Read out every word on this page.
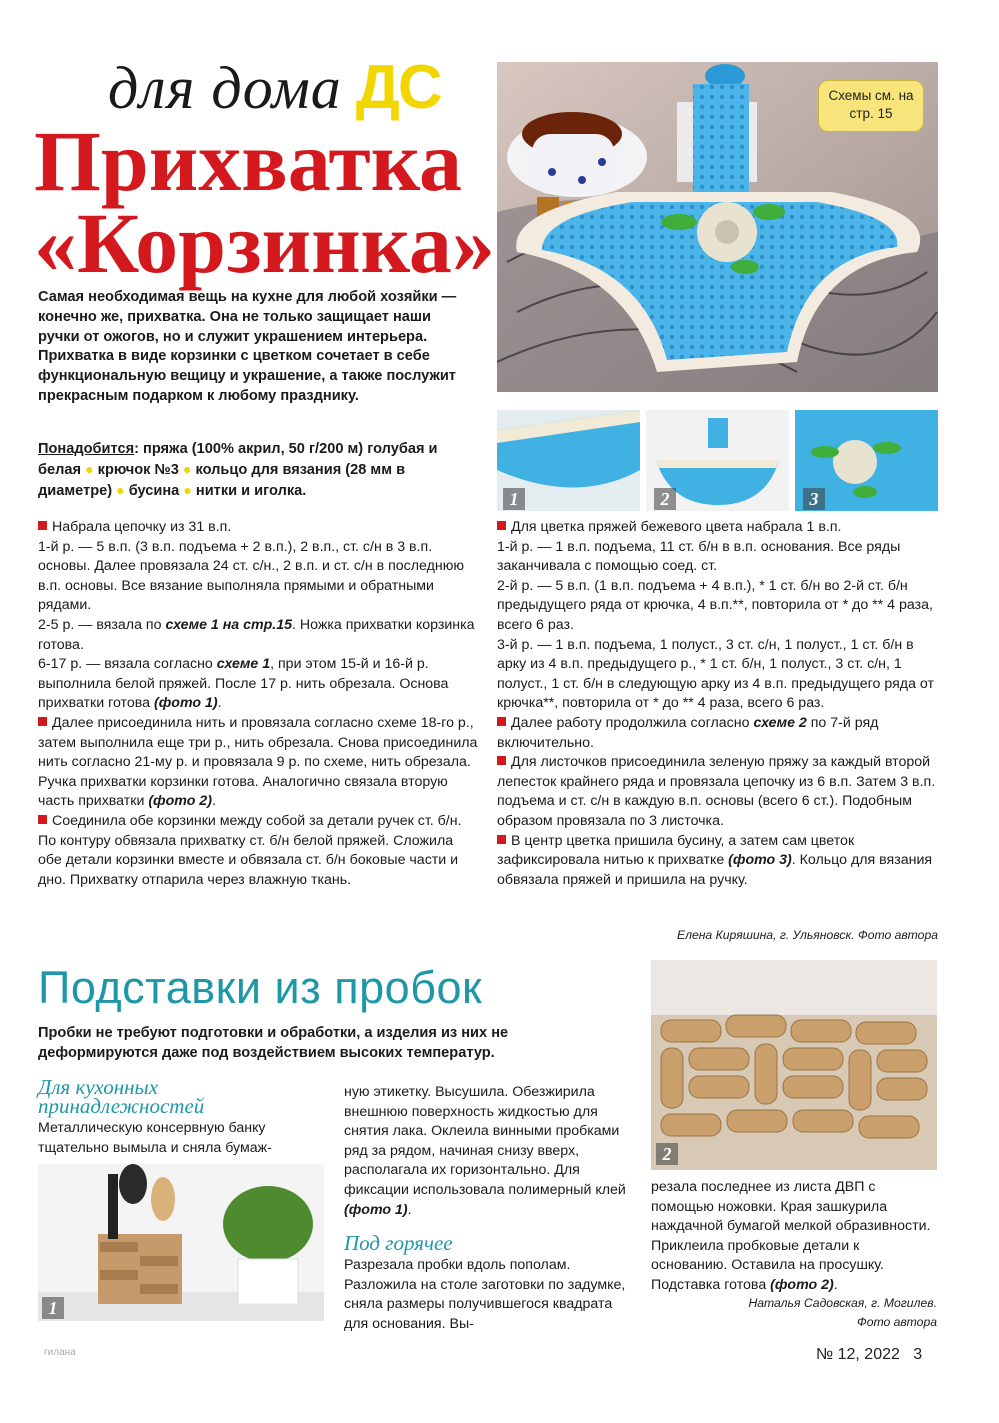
для дома ДС
Прихватка
«Корзинка»
Самая необходимая вещь на кухне для любой хозяйки — конечно же, прихватка. Она не только защищает наши ручки от ожогов, но и служит украшением интерьера. Прихватка в виде корзинки с цветком сочетает в себе функциональную вещицу и украшение, а также послужит прекрасным подарком к любому празднику.
Понадобится: пряжа (100% акрил, 50 г/200 м) голубая и белая ● крючок №3 ● кольцо для вязания (28 мм в диаметре) ● бусина ● нитки и иголка.
Схемы см. на стр. 15
1	2	3

Набрала цепочку из 31 в.п.

1-й р. — 5 в.п. (3 в.п. подъема + 2 в.п.), 2 в.п., ст. с/н в 3 в.п. основы. Далее провязала 24 ст. с/н., 2 в.п. и ст. с/н в последнюю в.п. основы. Все вязание выполняла прямыми и обратными рядами.

2-5 р. — вязала по схеме 1 на стр.15. Ножка прихватки корзинка готова.

6-17 р. — вязала согласно схеме 1, при этом 15-й и 16-й р. выполнила белой пряжей. После 17 р. нить обрезала. Основа прихватки готова (фото 1).

Далее присоединила нить и провязала согласно схеме 18-го р., затем выполнила еще три р., нить обрезала. Снова присоединила нить согласно 21-му р. и провязала 9 р. по схеме, нить обрезала. Ручка прихватки корзинки готова. Аналогично связала вторую часть прихватки (фото 2).

Соединила обе корзинки между собой за детали ручек ст. б/н. По контуру обвязала прихватку ст. б/н белой пряжей. Сложила обе детали корзинки вместе и обвязала ст. б/н боковые части и дно. Прихватку отпарила через влажную ткань.

Для цветка пряжей бежевого цвета набрала 1 в.п.

1-й р. — 1 в.п. подъема, 11 ст. б/н в в.п. основания. Все ряды заканчивала с помощью соед. ст.

2-й р. — 5 в.п. (1 в.п. подъема + 4 в.п.), * 1 ст. б/н во 2-й ст. б/н предыдущего ряда от крючка, 4 в.п.**, повторила от * до ** 4 раза, всего 6 раз.

3-й р. — 1 в.п. подъема, 1 полуст., 3 ст. с/н, 1 полуст., 1 ст. б/н в арку из 4 в.п. предыдущего р., * 1 ст. б/н, 1 полуст., 3 ст. с/н, 1 полуст., 1 ст. б/н в следующую арку из 4 в.п. предыдущего ряда от крючка**, повторила от * до ** 4 раза, всего 6 раз.

Далее работу продолжила согласно схеме 2 по 7-й ряд включительно.

Для листочков присоединила зеленую пряжу за каждый второй лепесток крайнего ряда и провязала цепочку из 6 в.п. Затем 3 в.п. подъема и ст. с/н в каждую в.п. основы (всего 6 ст.). Подобным образом провязала по 3 листочка.

В центр цветка пришила бусину, а затем сам цветок зафиксировала нитью к прихватке (фото 3). Кольцо для вязания обвязала пряжей и пришила на ручку.

Елена Киряшина, г. Ульяновск. Фото автора
Подставки из пробок
Пробки не требуют подготовки и обработки, а изделия из них не деформируются даже под воздействием высоких температур.
Для кухонных принадлежностей
Металлическую консервную банку тщательно вымыла и сняла бумаж-
1
ную этикетку. Высушила. Обезжирила внешнюю поверхность жидкостью для снятия лака. Оклеила винными пробками ряд за рядом, начиная снизу вверх, располагала их горизонтально. Для фиксации использовала полимерный клей (фото 1).
Под горячее
Разрезала пробки вдоль пополам. Разложила на столе заготовки по задумке, сняла размеры получившегося квадрата для основания. Вы-
2
резала последнее из листа ДВП с помощью ножовки. Края зашкурила наждачной бумагой мелкой образивности. Приклеила пробковые детали к основанию. Оставила на просушку. Подставка готова (фото 2).
Наталья Садовская, г. Могилев.
Фото автора
гилана	№ 12, 2022 3
